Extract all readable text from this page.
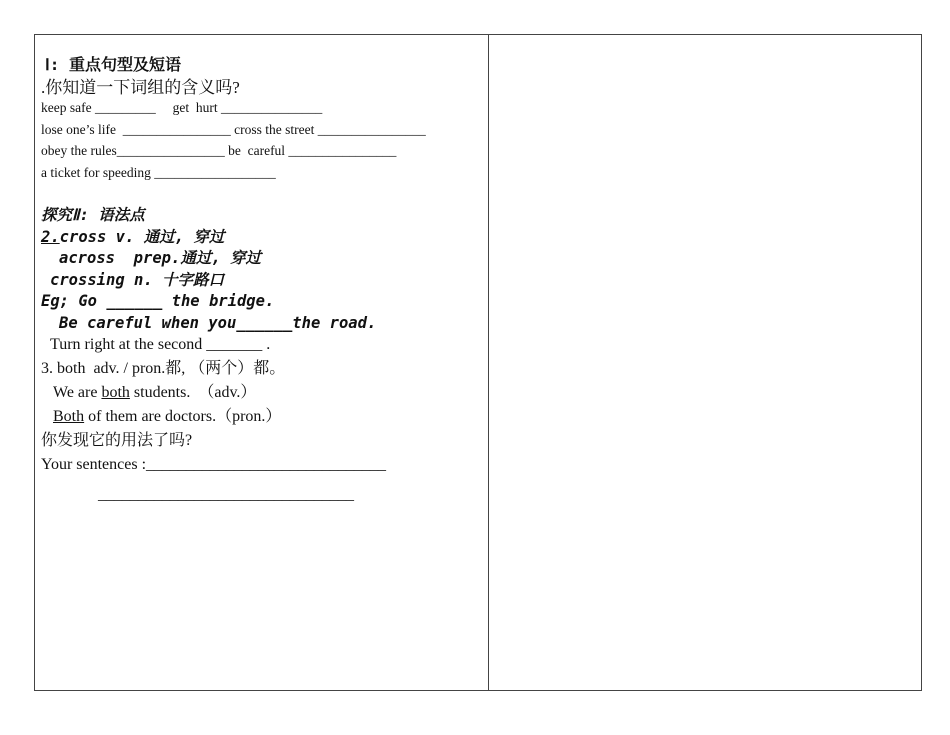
Ⅰ: 重点句型及短语
.你知道一下词组的含义吗?
keep safe _________     get  hurt _______________
lose one’s life  ________________ cross the street ________________
obey the rules________________ be  careful ________________
a ticket for speeding __________________
探究Ⅱ: 语法点
2.cross v. 通过, 穿过
across  prep.通过, 穿过
crossing n. 十字路口
Eg; Go ______ the bridge.
Be careful when you______the road.
Turn right at the second _______ .
3. both  adv. / pron.都, （两个）都。
We are both students.  （adv.）
Both of them are doctors.（pron.）
你发现它的用法了吗?
Your sentences :______________________________
________________________________
